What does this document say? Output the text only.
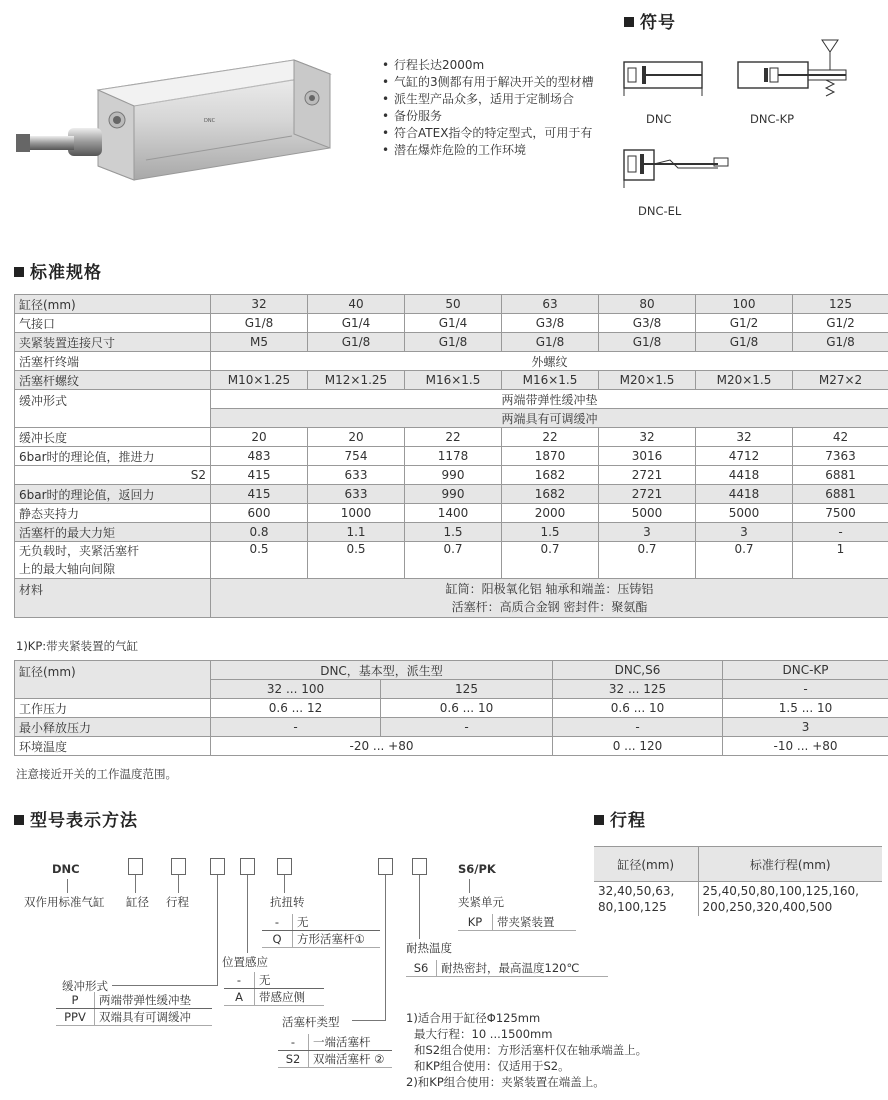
DNC
• 行程长达2000m
• 气缸的3侧都有用于解决开关的型材槽
• 派生型产品众多，适用于定制场合
• 备份服务
• 符合ATEX指令的特定型式，可用于有
• 潜在爆炸危险的工作环境
符号
DNC	DNC-KP
DNC-EL
标准规格
缸径(mm)	32	40	50	63	80	100	125
气接口	G1/8	G1/4	G1/4	G3/8	G3/8	G1/2	G1/2
夹紧装置连接尺寸	M5	G1/8	G1/8	G1/8	G1/8	G1/8	G1/8
活塞杆终端	外螺纹						
活塞杆螺纹	M10×1.25	M12×1.25	M16×1.5	M16×1.5	M20×1.5	M20×1.5	M27×2
缓冲形式	两端带弹性缓冲垫						
	两端具有可调缓冲						
缓冲长度	20	20	22	22	32	32	42
6bar时的理论值，推进力	483	754	1178	1870	3016	4712	7363
S2	415	633	990	1682	2721	4418	6881
6bar时的理论值，返回力	415	633	990	1682	2721	4418	6881
静态夹持力	600	1000	1400	2000	5000	5000	7500
活塞杆的最大力矩	0.8	1.1	1.5	1.5	3	3	-
无负载时，夹紧活塞杆
上的最大轴向间隙	0.5	0.5	0.7	0.7	0.7	0.7	1
材料	缸筒：阳极氧化铝 轴承和端盖：压铸铝
活塞杆：高质合金钢 密封件：聚氨酯						
1)KP:带夹紧装置的气缸
缸径(mm)	DNC，基本型，派生型		DNC,S6	DNC-KP
	32 ... 100	125	32 ... 125	-
工作压力	0.6 ... 12	0.6 ... 10	0.6 ... 10	1.5 ... 10
最小释放压力	-	-	-	3
环境温度	-20 ... +80		0 ... 120	-10 ... +80
注意接近开关的工作温度范围。
型号表示方法
DNC
双作用标准气缸 缸径 行程	抗扭转
-	无
Q	方形活塞杆①
位置感应
-	无
A	带感应侧
缓冲形式
P	两端带弹性缓冲垫
PPV	双端具有可调缓冲	活塞杆类型
-	一端活塞杆
S2	双端活塞杆 ②
耐热温度
S6	耐热密封，最高温度120℃
S6/PK
夹紧单元
KP	带夹紧装置
1)适合用于缸径Φ125mm
最大行程：10 ...1500mm
和S2组合使用：方形活塞杆仅在轴承端盖上。
和KP组合使用：仅适用于S2。
2)和KP组合使用：夹紧装置在端盖上。
行程
缸径(mm)	标准行程(mm)
32,40,50,63,
80,100,125	25,40,50,80,100,125,160,
200,250,320,400,500
